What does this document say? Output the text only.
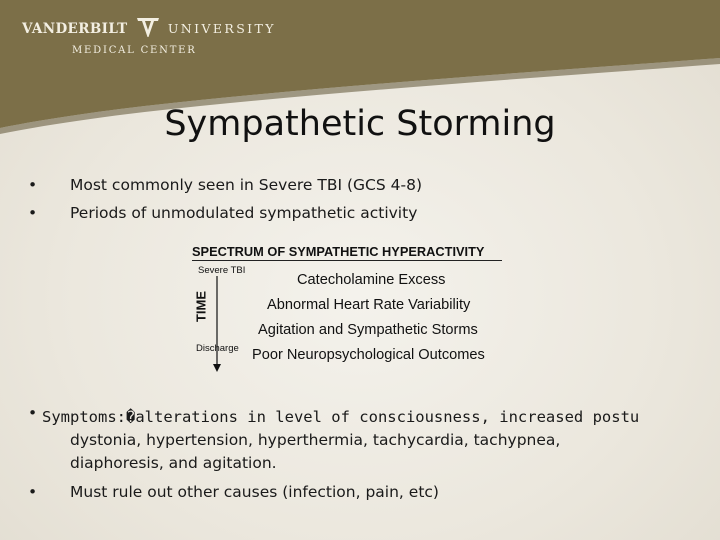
VANDERBILT	UNIVERSITY
MEDICAL CENTER
Sympathetic Storming
• Most commonly seen in Severe TBI (GCS 4-8)
• Periods of unmodulated sympathetic activity
SPECTRUM OF SYMPATHETIC HYPERACTIVITY
Severe TBI
TIME
Discharge
Catecholamine Excess
Abnormal Heart Rate Variability
Agitation and Sympathetic Storms
Poor Neuropsychological Outcomes
• Symptoms:�alterations in level of consciousness, increased postu
dystonia, hypertension, hyperthermia, tachycardia, tachypnea,
diaphoresis, and agitation.
• Must rule out other causes (infection, pain, etc)
